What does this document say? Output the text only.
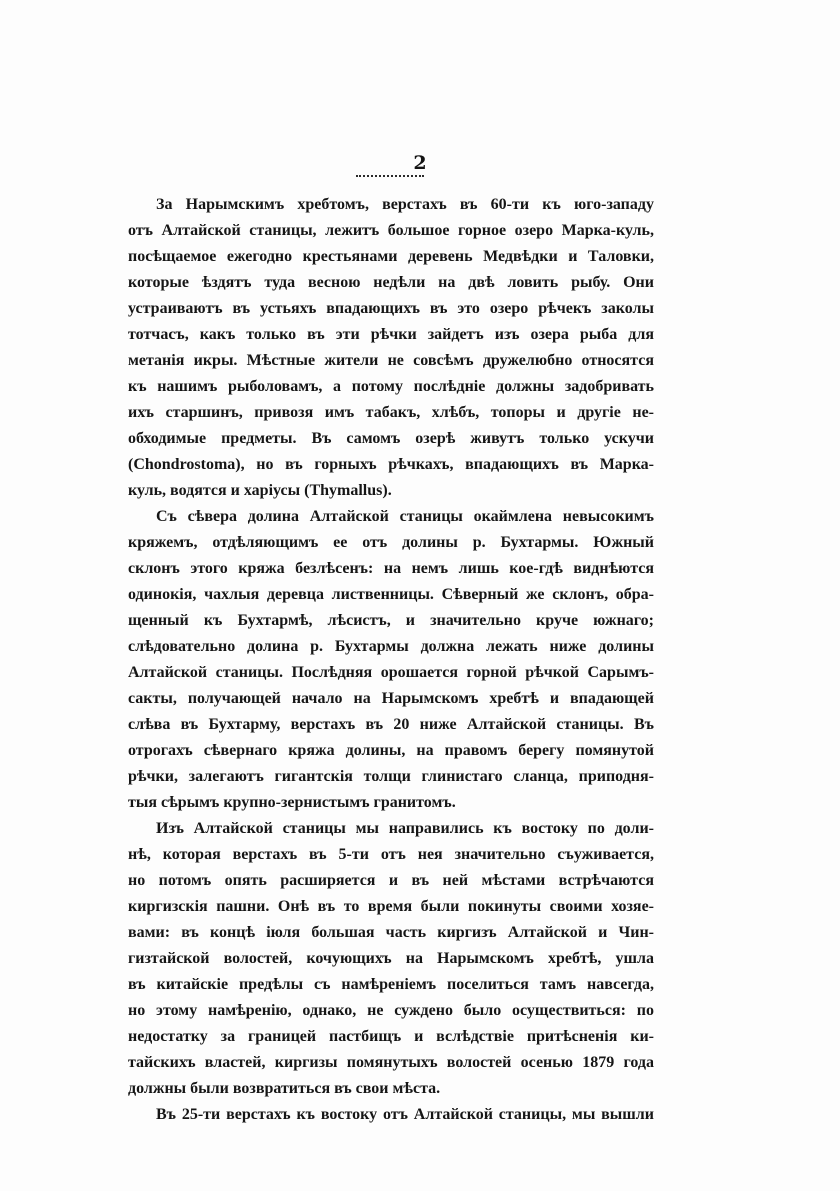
2
За Нарымскимъ хребтомъ, верстахъ въ 60-ти къ юго-западу
отъ Алтайской станицы, лежитъ большое горное озеро Марка-куль,
посѣщаемое ежегодно крестьянами деревень Медвѣдки и Таловки,
которые ѣздятъ туда весною недѣли на двѣ ловить рыбу. Они
устраиваютъ въ устьяхъ впадающихъ въ это озеро рѣчекъ заколы
тотчасъ, какъ только въ эти рѣчки зайдетъ изъ озера рыба для
метанія икры. Мѣстные жители не совсѣмъ дружелюбно относятся
къ нашимъ рыболовамъ, а потому послѣдніе должны задобривать
ихъ старшинъ, привозя имъ табакъ, хлѣбъ, топоры и другіе не-
обходимые предметы. Въ самомъ озерѣ живутъ только ускучи
(Chondrostoma), но въ горныхъ рѣчкахъ, впадающихъ въ Марка-
куль, водятся и харіусы (Thymallus).
Съ сѣвера долина Алтайской станицы окаймлена невысокимъ
кряжемъ, отдѣляющимъ ее отъ долины р. Бухтармы. Южный
склонъ этого кряжа безлѣсенъ: на немъ лишь кое-гдѣ виднѣются
одинокія, чахлыя деревца лиственницы. Сѣверный же склонъ, обра-
щенный къ Бухтармѣ, лѣсистъ, и значительно круче южнаго;
слѣдовательно долина р. Бухтармы должна лежать ниже долины
Алтайской станицы. Послѣдняя орошается горной рѣчкой Сарымъ-
сакты, получающей начало на Нарымскомъ хребтѣ и впадающей
слѣва въ Бухтарму, верстахъ въ 20 ниже Алтайской станицы. Въ
отрогахъ сѣвернаго кряжа долины, на правомъ берегу помянутой
рѣчки, залегаютъ гигантскія толщи глинистаго сланца, приподня-
тыя сѣрымъ крупно-зернистымъ гранитомъ.
Изъ Алтайской станицы мы направились къ востоку по доли-
нѣ, которая верстахъ въ 5-ти отъ нея значительно съуживается,
но потомъ опять расширяется и въ ней мѣстами встрѣчаются
киргизскія пашни. Онѣ въ то время были покинуты своими хозяе-
вами: въ концѣ іюля большая часть киргизъ Алтайской и Чин-
гизтайской волостей, кочующихъ на Нарымскомъ хребтѣ, ушла
въ китайскіе предѣлы съ намѣреніемъ поселиться тамъ навсегда,
но этому намѣренію, однако, не суждено было осуществиться: по
недостатку за границей пастбищъ и вслѣдствіе притѣсненія ки-
тайскихъ властей, киргизы помянутыхъ волостей осенью 1879 года
должны были возвратиться въ свои мѣста.
Въ 25-ти верстахъ къ востоку отъ Алтайской станицы, мы вышли
